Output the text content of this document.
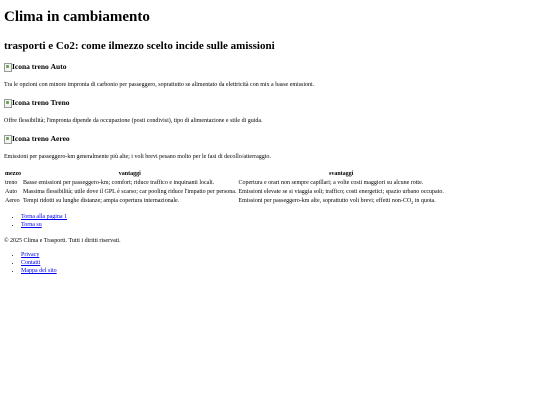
Clima in cambiamento
trasporti e Co2: come ilmezzo scelto incide sulle amissioni
Icona treno
Auto

Tra le opzioni con minore impronta di carbonio per passeggero, soprattutto se alimentato da elettricità con mix a basse emissioni.

Icona treno
Treno

Offre flessibilità; l'impronta dipende da occupazione (posti condivisi), tipo di alimentazione e stile di guida.

Icona treno
Aereo

Emissioni per passeggero-km generalmente più alte; i voli brevi pesano molto per le fasi di decollo/atterraggio.

mezzo	vantaggi	svantaggi
treno	Basse emissioni per passeggero-km; comfort; riduce traffico e inquinanti locali.	Copertura e orari non sempre capillari; a volte costi maggiori su alcune rotte.
Auto	Massima flessibilità; utile dove il GPL è scarso; car pooling riduce l'impatto per persona.	Emissioni elevate se si viaggia soli; traffico; costi energetici; spazio urbano occupato.
Aereo	Tempi ridotti su lunghe distanze; ampia copertura internazionale.	Emissioni per passeggero-km alte, soprattutto voli brevi; effetti non-$CO_2$ in quota.
• Torna alla pagina 1
• Torna su

© 2025 Clima e Trasporti. Tutti i diritti riservati.

• Privacy
• Contatti
• Mappa del sito
